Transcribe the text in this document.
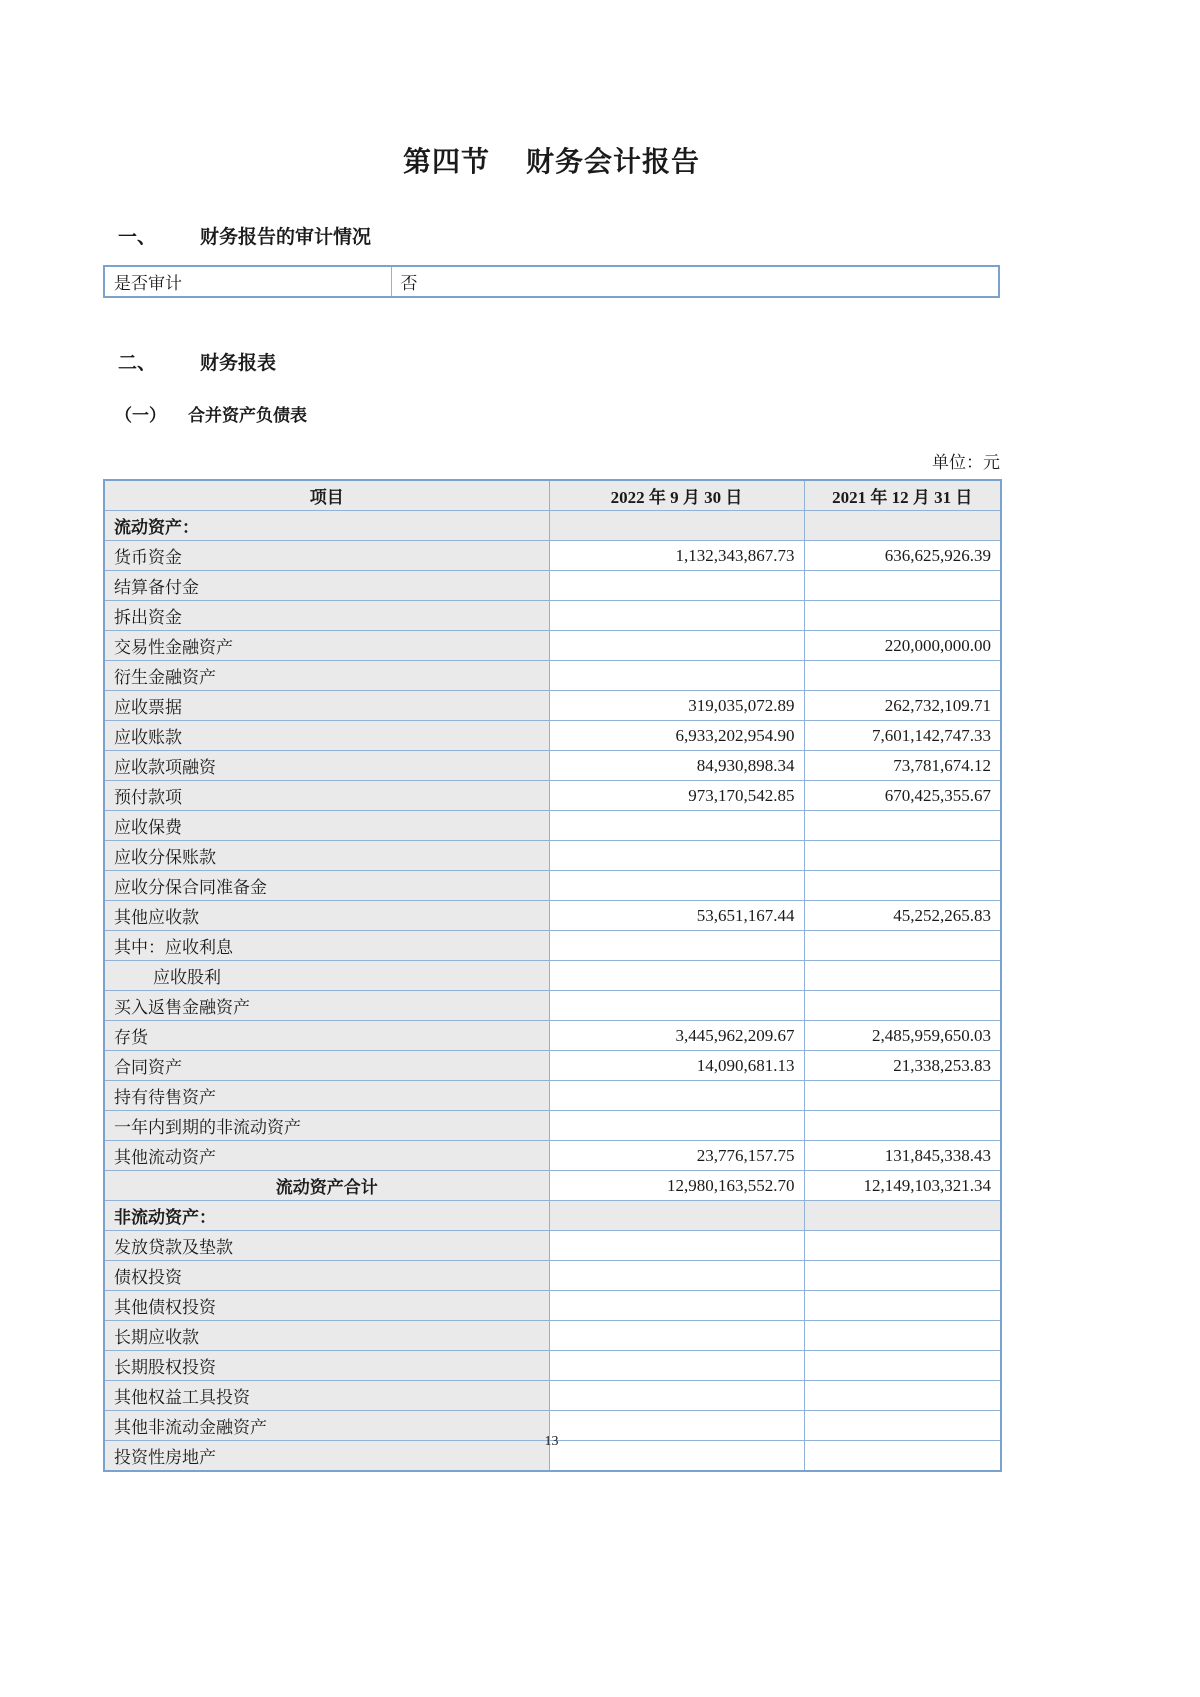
第四节 财务会计报告
一、 财务报告的审计情况
是否审计	否
二、 财务报表
（一） 合并资产负债表
单位：元
项目	2022 年 9 月 30 日	2021 年 12 月 31 日
流动资产：		
货币资金	1,132,343,867.73	636,625,926.39
结算备付金		
拆出资金		
交易性金融资产		220,000,000.00
衍生金融资产		
应收票据	319,035,072.89	262,732,109.71
应收账款	6,933,202,954.90	7,601,142,747.33
应收款项融资	84,930,898.34	73,781,674.12
预付款项	973,170,542.85	670,425,355.67
应收保费		
应收分保账款		
应收分保合同准备金		
其他应收款	53,651,167.44	45,252,265.83
其中：应收利息		
应收股利		
买入返售金融资产		
存货	3,445,962,209.67	2,485,959,650.03
合同资产	14,090,681.13	21,338,253.83
持有待售资产		
一年内到期的非流动资产		
其他流动资产	23,776,157.75	131,845,338.43
流动资产合计	12,980,163,552.70	12,149,103,321.34
非流动资产：		
发放贷款及垫款		
债权投资		
其他债权投资		
长期应收款		
长期股权投资		
其他权益工具投资		
其他非流动金融资产		
投资性房地产		
13
